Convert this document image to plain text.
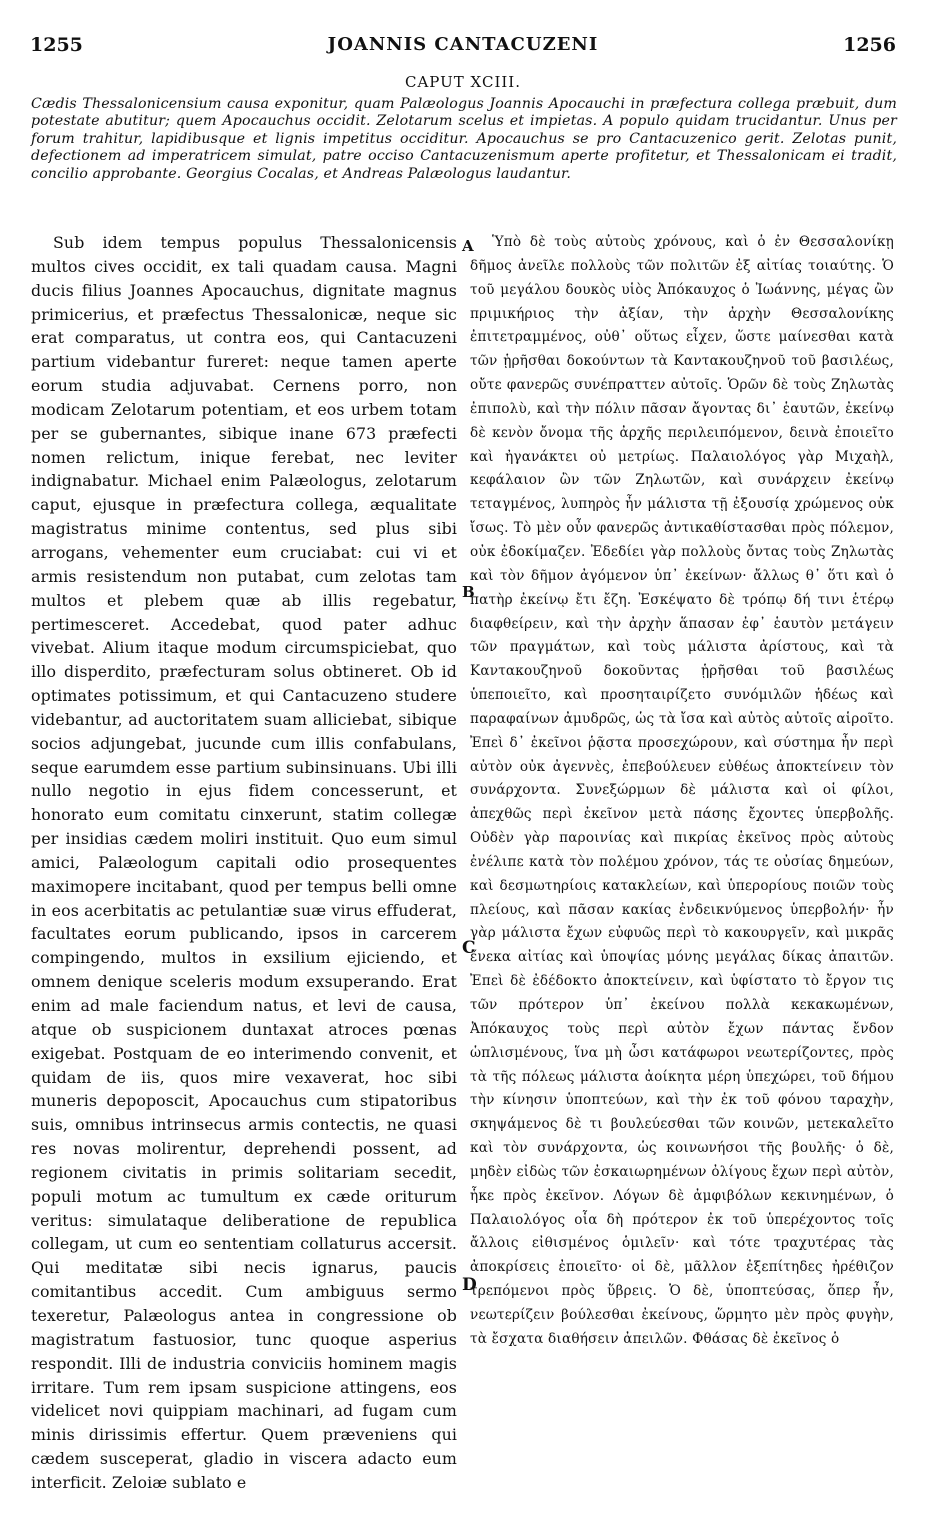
1255	JOANNIS CANTACUZENI	1256
CAPUT XCIII.
Cædis Thessalonicensium causa exponitur, quam Palæologus Joannis Apocauchi in præfectura collega præbuit, dum potestate abutitur; quem Apocauchus occidit. Zelotarum scelus et impietas. A populo quidam trucidantur. Unus per forum trahitur, lapidibusque et lignis impetitus occiditur. Apocauchus se pro Cantacuzenico gerit. Zelotas punit, defectionem ad imperatricem simulat, patre occiso Cantacuzenismum aperte profitetur, et Thessalonicam ei tradit, concilio approbante. Georgius Cocalas, et Andreas Palæologus laudantur.

Sub idem tempus populus Thessalonicensis multos cives occidit, ex tali quadam causa. Magni ducis filius Joannes Apocauchus, dignitate magnus primicerius, et præfectus Thessalonicæ, neque sic erat comparatus, ut contra eos, qui Cantacuzeni partium videbantur fureret: neque tamen aperte eorum studia adjuvabat. Cernens porro, non modicam Zelotarum potentiam, et eos urbem totam per se gubernantes, sibique inane 673 præfecti nomen relictum, inique ferebat, nec leviter indignabatur. Michael enim Palæologus, zelotarum caput, ejusque in præfectura collega, æqualitate magistratus minime contentus, sed plus sibi arrogans, vehementer eum cruciabat: cui vi et armis resistendum non putabat, cum zelotas tam multos et plebem quæ ab illis regebatur, pertimesceret. Accedebat, quod pater adhuc vivebat. Alium itaque modum circumspiciebat, quo illo disperdito, præfecturam solus obtineret. Ob id optimates potissimum, et qui Cantacuzeno studere videbantur, ad auctoritatem suam alliciebat, sibique socios adjungebat, jucunde cum illis confabulans, seque earumdem esse partium subinsinuans. Ubi illi nullo negotio in ejus fidem concesserunt, et honorato eum comitatu cinxerunt, statim collegæ per insidias cædem moliri instituit. Quo eum simul amici, Palæologum capitali odio prosequentes maximopere incitabant, quod per tempus belli omne in eos acerbitatis ac petulantiæ suæ virus effuderat, facultates eorum publicando, ipsos in carcerem compingendo, multos in exsilium ejiciendo, et omnem denique sceleris modum exsuperando. Erat enim ad male faciendum natus, et levi de causa, atque ob suspicionem duntaxat atroces pœnas exigebat. Postquam de eo interimendo convenit, et quidam de iis, quos mire vexaverat, hoc sibi muneris depoposcit, Apocauchus cum stipatoribus suis, omnibus intrinsecus armis contectis, ne quasi res novas molirentur, deprehendi possent, ad regionem civitatis in primis solitariam secedit, populi motum ac tumultum ex cæde oriturum veritus: simulataque deliberatione de republica collegam, ut cum eo sententiam collaturus accersit. Qui meditatæ sibi necis ignarus, paucis comitantibus accedit. Cum ambiguus sermo texeretur, Palæologus antea in congressione ob magistratum fastuosior, tunc quoque asperius respondit. Illi de industria conviciis hominem magis irritare. Tum rem ipsam suspicione attingens, eos videlicet novi quippiam machinari, ad fugam cum minis dirissimis effertur. Quem præveniens qui cædem susceperat, gladio in viscera adacto eum interficit. Zeloiæ sublato e

A
B
C
D

Ὑπὸ δὲ τοὺς αὐτοὺς χρόνους, καὶ ὁ ἐν Θεσσαλονίκῃ δῆμος ἀνεῖλε πολλοὺς τῶν πολιτῶν ἐξ αἰτίας τοιαύτης. Ὁ τοῦ μεγάλου δουκὸς υἱὸς Ἀπόκαυχος ὁ Ἰωάννης, μέγας ὢν πριμικήριος τὴν ἀξίαν, τὴν ἀρχὴν Θεσσαλονίκης ἐπιτετραμμένος, οὐθ᾽ οὕτως εἶχεν, ὥστε μαίνεσθαι κατὰ τῶν ᾑρῆσθαι δοκούντων τὰ Καντακουζηνοῦ τοῦ βασιλέως, οὔτε φανερῶς συνέπραττεν αὐτοῖς. Ὁρῶν δὲ τοὺς Ζηλωτὰς ἐπιπολὺ, καὶ τὴν πόλιν πᾶσαν ἄγοντας δι᾽ ἑαυτῶν, ἐκείνῳ δὲ κενὸν ὄνομα τῆς ἀρχῆς περιλειπόμενον, δεινὰ ἐποιεῖτο καὶ ἠγανάκτει οὐ μετρίως. Παλαιολόγος γὰρ Μιχαὴλ, κεφάλαιον ὢν τῶν Ζηλωτῶν, καὶ συνάρχειν ἐκείνῳ τεταγμένος, λυπηρὸς ἦν μάλιστα τῇ ἐξουσίᾳ χρώμενος οὐκ ἴσως. Τὸ μὲν οὖν φανερῶς ἀντικαθίστασθαι πρὸς πόλεμον, οὐκ ἐδοκίμαζεν. Ἐδεδίει γὰρ πολλοὺς ὄντας τοὺς Ζηλωτὰς καὶ τὸν δῆμον ἀγόμενον ὑπ᾽ ἐκείνων· ἄλλως θ᾽ ὅτι καὶ ὁ πατὴρ ἐκείνῳ ἔτι ἔζη. Ἐσκέψατο δὲ τρόπῳ δή τινι ἑτέρῳ διαφθείρειν, καὶ τὴν ἀρχὴν ἅπασαν ἐφ᾽ ἑαυτὸν μετάγειν τῶν πραγμάτων, καὶ τοὺς μάλιστα ἀρίστους, καὶ τὰ Καντακουζηνοῦ δοκοῦντας ᾑρῆσθαι τοῦ βασιλέως ὑπεποιεῖτο, καὶ προσηταιρίζετο συνόμιλῶν ἡδέως καὶ παραφαίνων ἀμυδρῶς, ὡς τὰ ἴσα καὶ αὐτὸς αὐτοῖς αἱροῖτο. Ἐπεὶ δ᾽ ἐκεῖνοι ῥᾷστα προσεχώρουν, καὶ σύστημα ἦν περὶ αὐτὸν οὐκ ἀγεννὲς, ἐπεβούλευεν εὐθέως ἀποκτείνειν τὸν συνάρχοντα. Συνεξώρμων δὲ μάλιστα καὶ οἱ φίλοι, ἀπεχθῶς περὶ ἐκεῖνον μετὰ πάσης ἔχοντες ὑπερβολῆς. Οὐδὲν γὰρ παροινίας καὶ πικρίας ἐκεῖνος πρὸς αὐτοὺς ἐνέλιπε κατὰ τὸν πολέμου χρόνον, τάς τε οὐσίας δημεύων, καὶ δεσμωτηρίοις κατακλείων, καὶ ὑπερορίους ποιῶν τοὺς πλείους, καὶ πᾶσαν κακίας ἐνδεικνύμενος ὑπερβολήν· ἦν γὰρ μάλιστα ἔχων εὐφυῶς περὶ τὸ κακουργεῖν, καὶ μικρᾶς ἕνεκα αἰτίας καὶ ὑποψίας μόνης μεγάλας δίκας ἀπαιτῶν. Ἐπεὶ δὲ ἐδέδοκτο ἀποκτείνειν, καὶ ὑφίστατο τὸ ἔργον τις τῶν πρότερον ὑπ᾽ ἐκείνου πολλὰ κεκακωμένων, Ἀπόκαυχος τοὺς περὶ αὐτὸν ἔχων πάντας ἔνδον ὡπλισμένους, ἵνα μὴ ὦσι κατάφωροι νεωτερίζοντες, πρὸς τὰ τῆς πόλεως μάλιστα ἀοίκητα μέρη ὑπεχώρει, τοῦ δήμου τὴν κίνησιν ὑποπτεύων, καὶ τὴν ἐκ τοῦ φόνου ταραχὴν, σκηψάμενος δὲ τι βουλεύεσθαι τῶν κοινῶν, μετεκαλεῖτο καὶ τὸν συνάρχοντα, ὡς κοινωνήσοι τῆς βουλῆς· ὁ δὲ, μηδὲν εἰδὼς τῶν ἐσκαιωρημένων ὀλίγους ἔχων περὶ αὐτὸν, ἧκε πρὸς ἐκεῖνον. Λόγων δὲ ἀμφιβόλων κεκινημένων, ὁ Παλαιολόγος οἷα δὴ πρότερον ἐκ τοῦ ὑπερέχοντος τοῖς ἄλλοις εἰθισμένος ὁμιλεῖν· καὶ τότε τραχυτέρας τὰς ἀποκρίσεις ἐποιεῖτο· οἱ δὲ, μᾶλλον ἐξεπίτηδες ἠρέθιζον τρεπόμενοι πρὸς ὕβρεις. Ὁ δὲ, ὑποπτεύσας, ὅπερ ἦν, νεωτερίζειν βούλεσθαι ἐκείνους, ὥρμητο μὲν πρὸς φυγὴν, τὰ ἔσχατα διαθήσειν ἀπειλῶν. Φθάσας δὲ ἐκεῖνος ὁ
